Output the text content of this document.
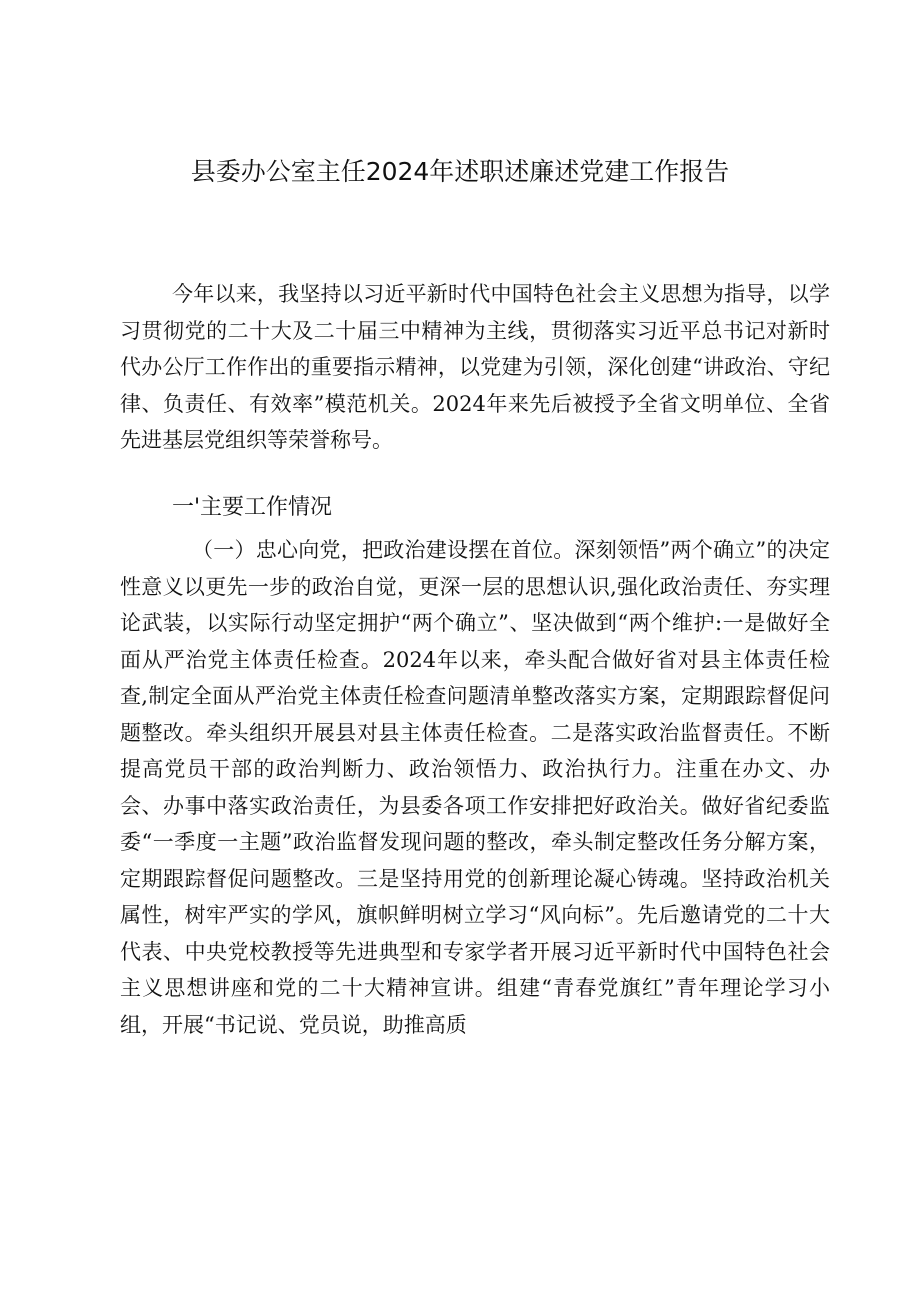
县委办公室主任2024年述职述廉述党建工作报告

今年以来，我坚持以习近平新时代中国特色社会主义思想为指导，以学习贯彻党的二十大及二十届三中精神为主线，贯彻落实习近平总书记对新时代办公厅工作作出的重要指示精神，以党建为引领，深化创建“讲政治、守纪律、负责任、有效率”模范机关。2024年来先后被授予全省文明单位、全省先进基层党组织等荣誉称号。

一'主要工作情况

（一）忠心向党，把政治建设摆在首位。深刻领悟”两个确立”的决定性意义以更先一步的政治自觉，更深一层的思想认识,强化政治责任、夯实理论武装，以实际行动坚定拥护“两个确立”、坚决做到“两个维护:一是做好全面从严治党主体责任检查。2024年以来，牵头配合做好省对县主体责任检查,制定全面从严治党主体责任检查问题清单整改落实方案，定期跟踪督促问题整改。牵头组织开展县对县主体责任检查。二是落实政治监督责任。不断提高党员干部的政治判断力、政治领悟力、政治执行力。注重在办文、办会、办事中落实政治责任，为县委各项工作安排把好政治关。做好省纪委监委“一季度一主题”政治监督发现问题的整改，牵头制定整改任务分解方案，定期跟踪督促问题整改。三是坚持用党的创新理论凝心铸魂。坚持政治机关属性，树牢严实的学风，旗帜鲜明树立学习“风向标”。先后邀请党的二十大代表、中央党校教授等先进典型和专家学者开展习近平新时代中国特色社会主义思想讲座和党的二十大精神宣讲。组建“青春党旗红”青年理论学习小组，开展“书记说、党员说，助推高质
